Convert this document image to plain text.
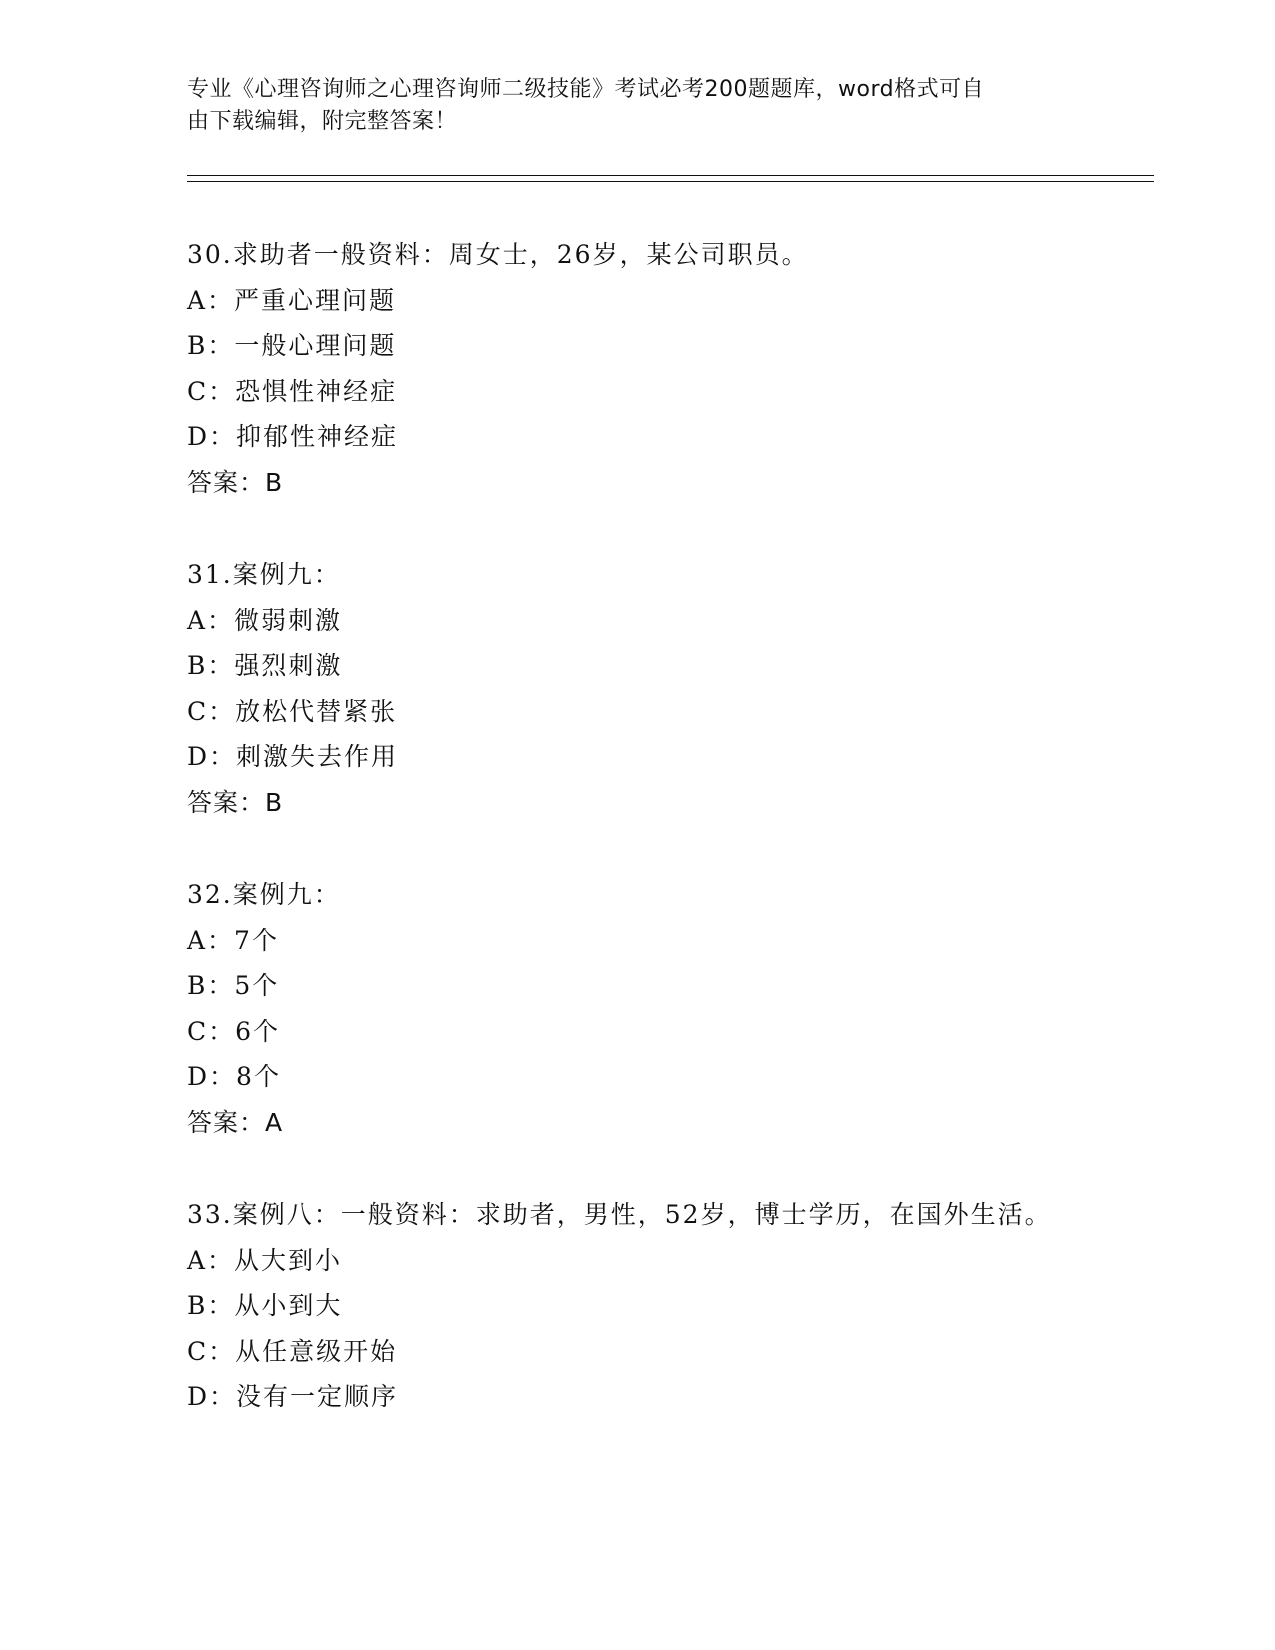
专业《心理咨询师之心理咨询师二级技能》考试必考200题题库，word格式可自
由下载编辑，附完整答案！
30.求助者一般资料：周女士，26岁，某公司职员。
A：严重心理问题
B：一般心理问题
C：恐惧性神经症
D：抑郁性神经症
答案：B
31.案例九：
A：微弱刺激
B：强烈刺激
C：放松代替紧张
D：刺激失去作用
答案：B
32.案例九：
A：7个
B：5个
C：6个
D：8个
答案：A
33.案例八：一般资料：求助者，男性，52岁，博士学历，在国外生活。
A：从大到小
B：从小到大
C：从任意级开始
D：没有一定顺序
